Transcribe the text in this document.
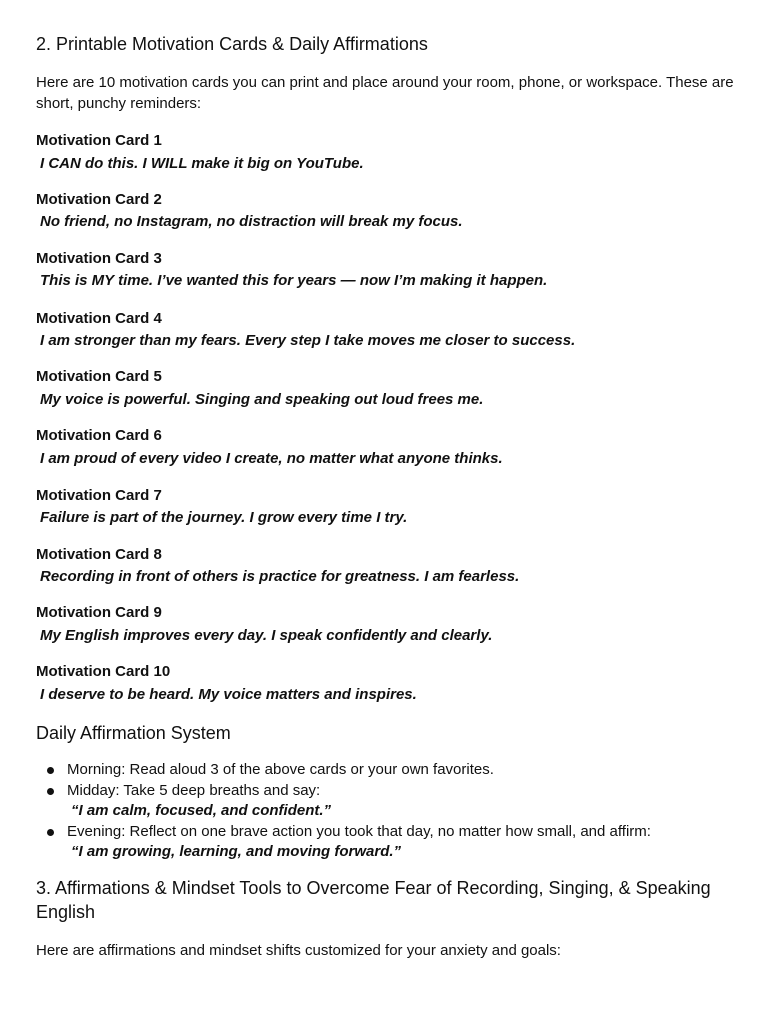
2. Printable Motivation Cards & Daily Affirmations

Here are 10 motivation cards you can print and place around your room, phone, or workspace. These are short, punchy reminders:

Motivation Card 1

I CAN do this. I WILL make it big on YouTube.

Motivation Card 2

No friend, no Instagram, no distraction will break my focus.

Motivation Card 3

This is MY time. I’ve wanted this for years — now I’m making it happen.

Motivation Card 4

I am stronger than my fears. Every step I take moves me closer to success.

Motivation Card 5

My voice is powerful. Singing and speaking out loud frees me.

Motivation Card 6

I am proud of every video I create, no matter what anyone thinks.

Motivation Card 7

Failure is part of the journey. I grow every time I try.

Motivation Card 8

Recording in front of others is practice for greatness. I am fearless.

Motivation Card 9

My English improves every day. I speak confidently and clearly.

Motivation Card 10

I deserve to be heard. My voice matters and inspires.

Daily Affirmation System
Morning: Read aloud 3 of the above cards or your own favorites.
Midday: Take 5 deep breaths and say:
“I am calm, focused, and confident.”
Evening: Reflect on one brave action you took that day, no matter how small, and affirm:
“I am growing, learning, and moving forward.”
3. Affirmations & Mindset Tools to Overcome Fear of Recording, Singing, & Speaking English

Here are affirmations and mindset shifts customized for your anxiety and goals:
